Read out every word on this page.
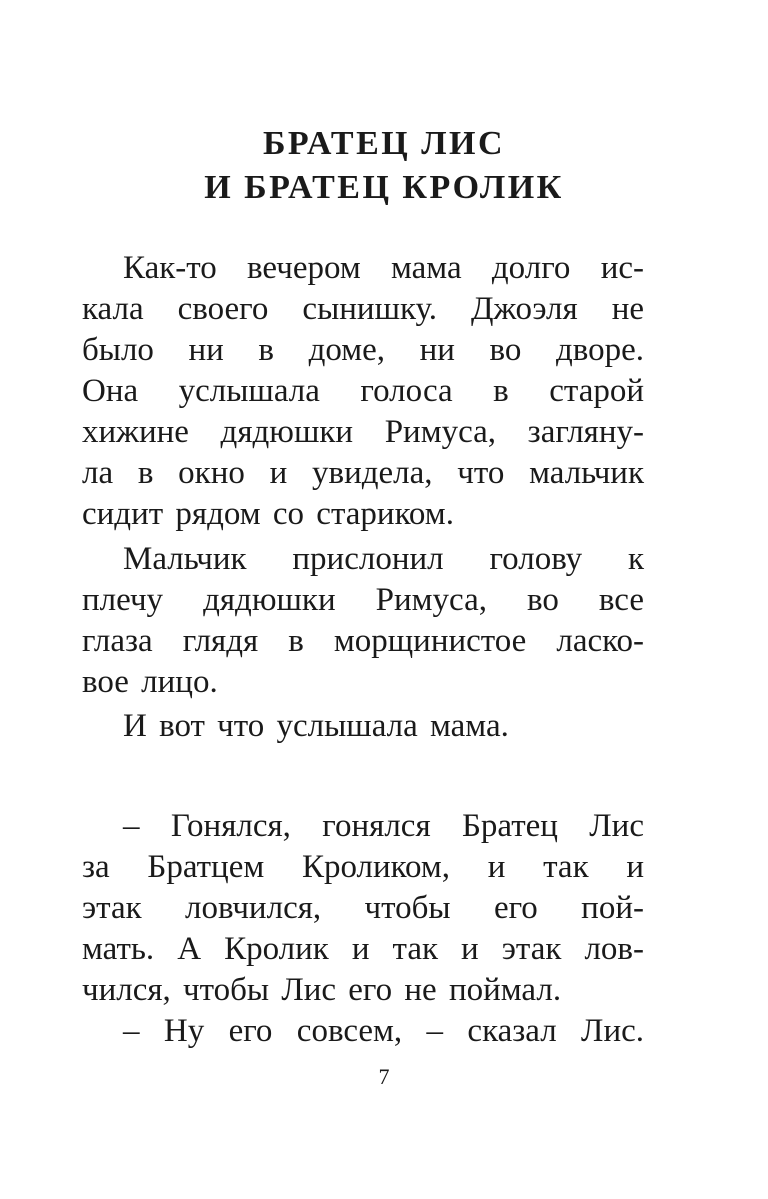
БРАТЕЦ ЛИС
И БРАТЕЦ КРОЛИК
Как-то вечером мама долго ис-
кала своего сынишку. Джоэля не
было ни в доме, ни во дворе.
Она услышала голоса в старой
хижине дядюшки Римуса, загляну-
ла в окно и увидела, что мальчик
сидит рядом со стариком.
Мальчик прислонил голову к
плечу дядюшки Римуса, во все
глаза глядя в морщинистое ласко-
вое лицо.
И вот что услышала мама.
– Гонялся, гонялся Братец Лис
за Братцем Кроликом, и так и
этак ловчился, чтобы его пой-
мать. А Кролик и так и этак лов-
чился, чтобы Лис его не поймал.
– Ну его совсем, – сказал Лис.
7
